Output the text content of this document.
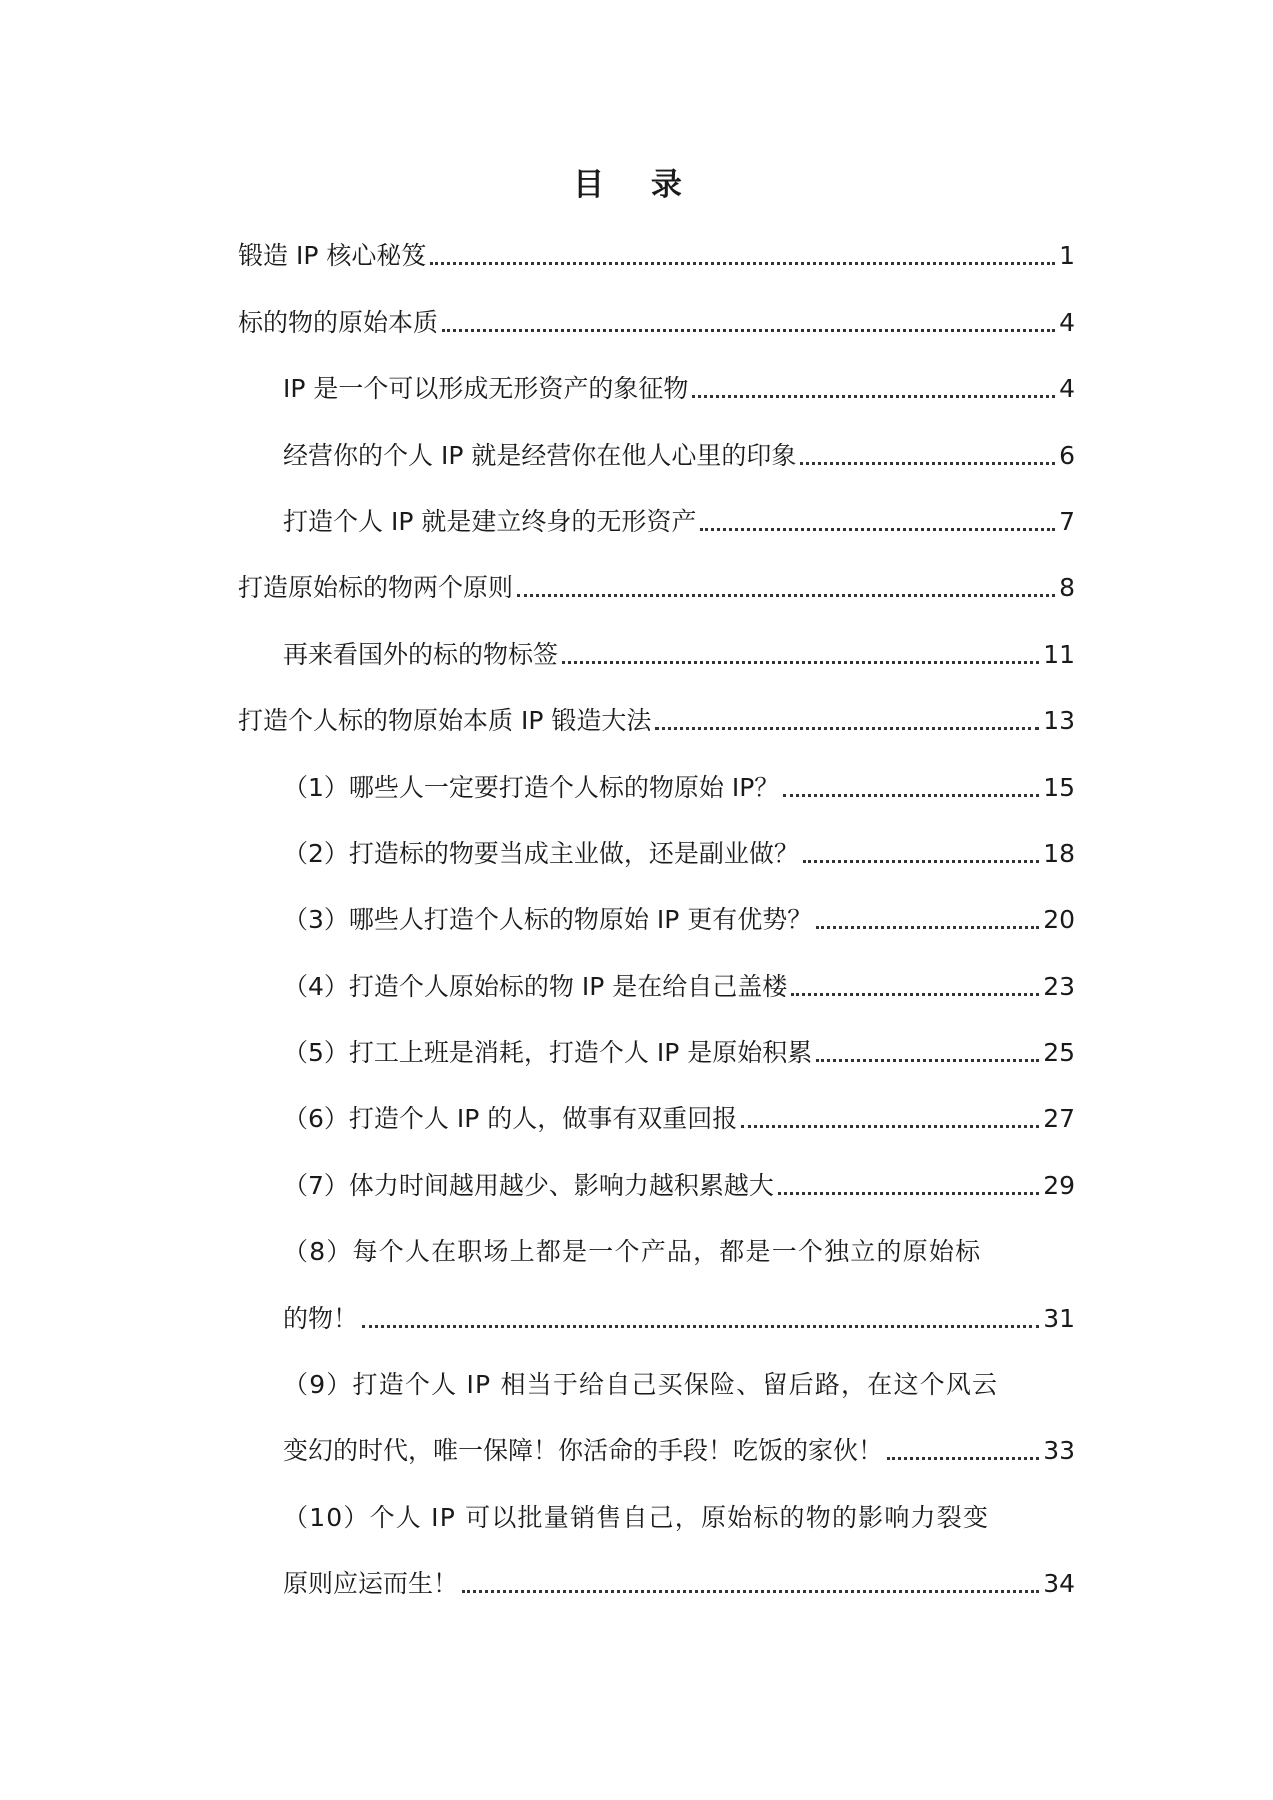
目 录
锻造 IP 核心秘笈	1
标的物的原始本质	4
IP 是一个可以形成无形资产的象征物	4
经营你的个人 IP 就是经营你在他人心里的印象	6
打造个人 IP 就是建立终身的无形资产	7
打造原始标的物两个原则	8
再来看国外的标的物标签	11
打造个人标的物原始本质 IP 锻造大法	13
（1）哪些人一定要打造个人标的物原始 IP？	15
（2）打造标的物要当成主业做，还是副业做？	18
（3）哪些人打造个人标的物原始 IP 更有优势？	20
（4）打造个人原始标的物 IP 是在给自己盖楼	23
（5）打工上班是消耗，打造个人 IP 是原始积累	25
（6）打造个人 IP 的人，做事有双重回报	27
（7）体力时间越用越少、影响力越积累越大	29
（8）每个人在职场上都是一个产品，都是一个独立的原始标
的物！	31
（9）打造个人 IP 相当于给自己买保险、留后路，在这个风云
变幻的时代，唯一保障！你活命的手段！吃饭的家伙！	33
（10）个人 IP 可以批量销售自己，原始标的物的影响力裂变
原则应运而生！	34
